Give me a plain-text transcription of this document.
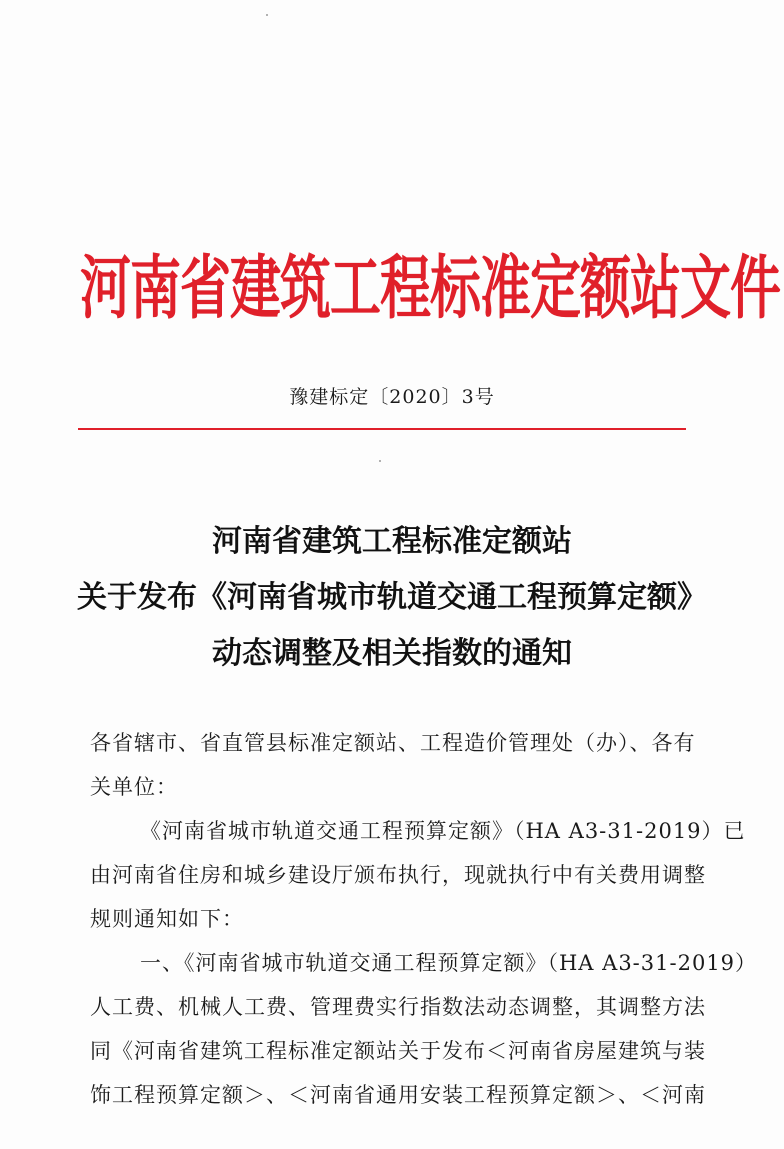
河南省建筑工程标准定额站文件
豫建标定〔2020〕3号
河南省建筑工程标准定额站
关于发布《河南省城市轨道交通工程预算定额》
动态调整及相关指数的通知
各省辖市、省直管县标准定额站、工程造价管理处（办）、各有
关单位：
《河南省城市轨道交通工程预算定额》（HA A3-31-2019）已
由河南省住房和城乡建设厅颁布执行，现就执行中有关费用调整
规则通知如下：
一、《河南省城市轨道交通工程预算定额》（HA A3-31-2019）
人工费、机械人工费、管理费实行指数法动态调整，其调整方法
同《河南省建筑工程标准定额站关于发布＜河南省房屋建筑与装
饰工程预算定额＞、＜河南省通用安装工程预算定额＞、＜河南
